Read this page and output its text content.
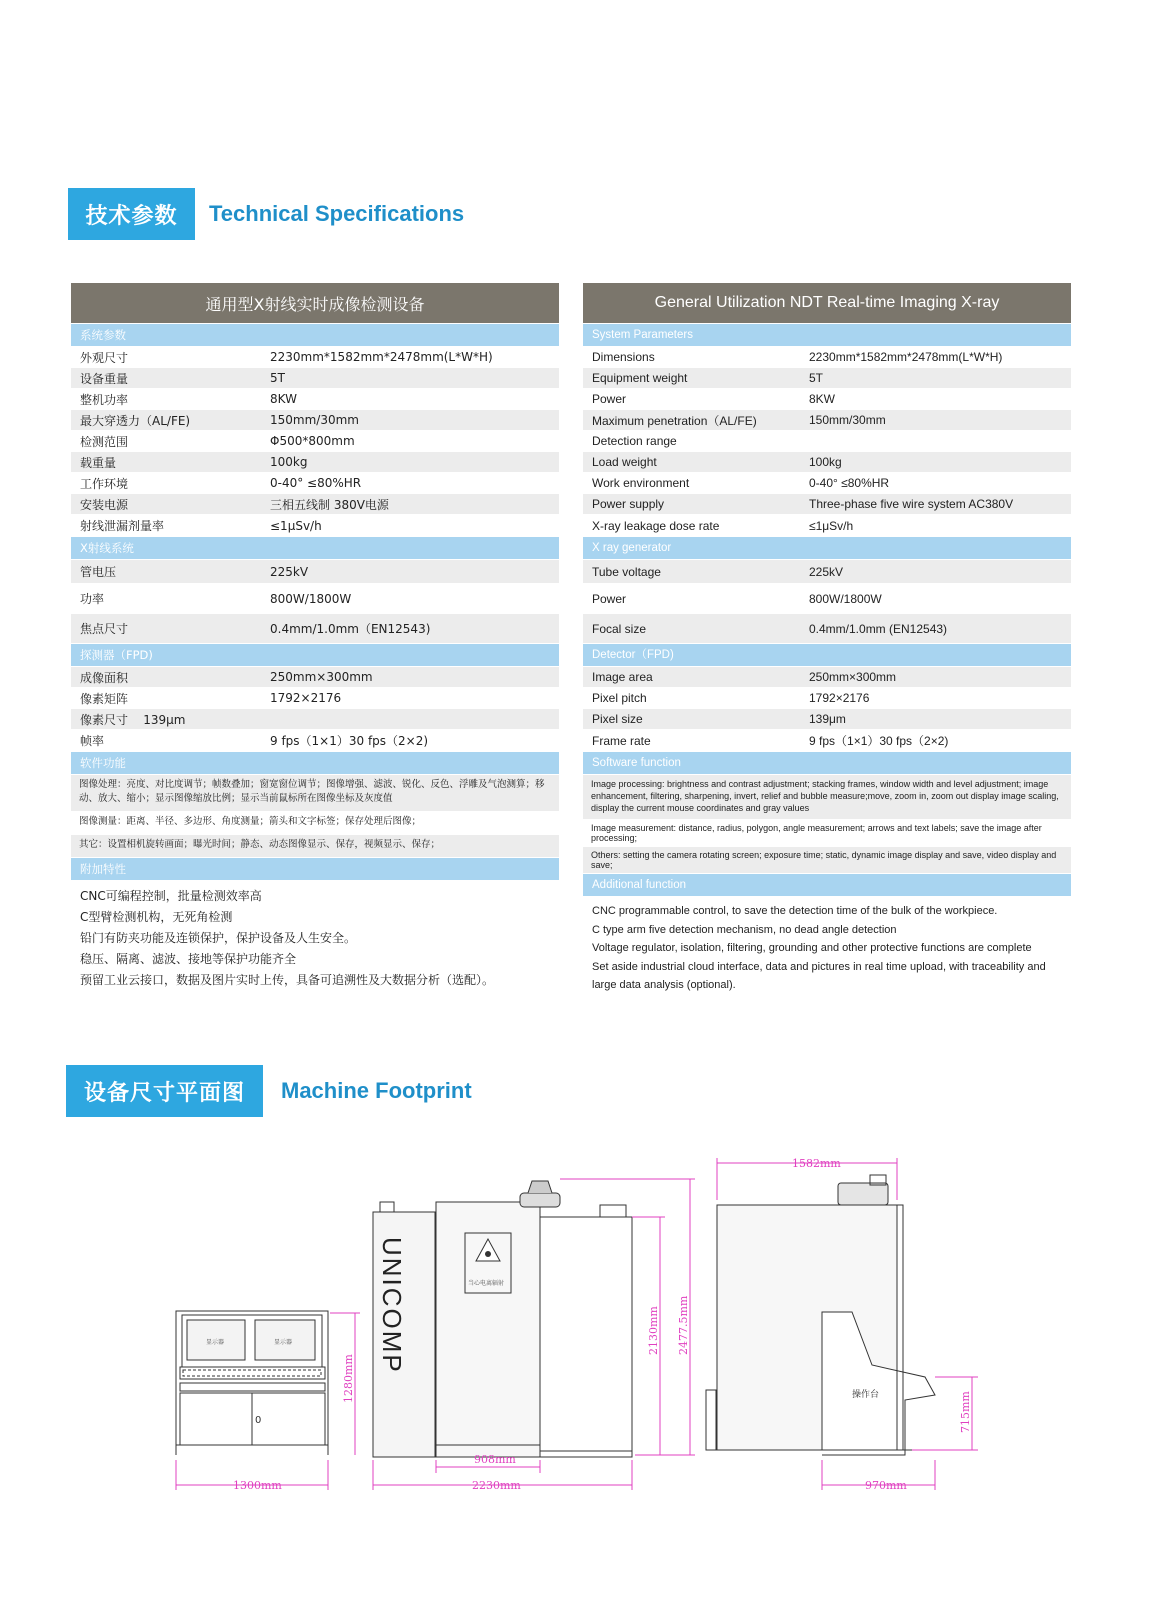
技术参数	Technical Specifications
通用型X射线实时成像检测设备
系统参数
外观尺寸	2230mm*1582mm*2478mm(L*W*H)
设备重量	5T
整机功率	8KW
最大穿透力（AL/FE)	150mm/30mm
检测范围	Φ500*800mm
载重量	100kg
工作环境	0-40° ≤80%HR
安装电源	三相五线制 380V电源
射线泄漏剂量率	≤1μSv/h
X射线系统
管电压	225kV
功率	800W/1800W
焦点尺寸	0.4mm/1.0mm（EN12543)
探测器（FPD)
成像面积	250mm×300mm
像素矩阵	1792×2176
像素尺寸    139μm
帧率	9 fps（1×1）30 fps（2×2)
软件功能
图像处理：亮度、对比度调节；帧数叠加；窗宽窗位调节；图像增强、滤波、锐化、反色、浮雕及气泡测算；移动、放大、缩小；显示图像缩放比例；显示当前鼠标所在图像坐标及灰度值
图像测量：距离、半径、多边形、角度测量；箭头和文字标签；保存处理后图像；
其它：设置相机旋转画面；曝光时间；静态、动态图像显示、保存，视频显示、保存；
附加特性
CNC可编程控制，批量检测效率高
C型臂检测机构，无死角检测
铅门有防夹功能及连锁保护，保护设备及人生安全。
稳压、隔离、滤波、接地等保护功能齐全
预留工业云接口，数据及图片实时上传，具备可追溯性及大数据分析（选配）。
General Utilization NDT Real-time Imaging X-ray
System Parameters
Dimensions	2230mm*1582mm*2478mm(L*W*H)
Equipment weight	5T
Power	8KW
Maximum penetration（AL/FE)	150mm/30mm
Detection range
Load weight	100kg
Work environment	0-40° ≤80%HR
Power supply	Three-phase five wire system AC380V
X-ray leakage dose rate	≤1μSv/h
X ray generator
Tube voltage	225kV
Power	800W/1800W
Focal size	0.4mm/1.0mm (EN12543)
Detector（FPD)
Image area	250mm×300mm
Pixel pitch	1792×2176
Pixel size	139μm
Frame rate	9 fps（1×1）30 fps（2×2)
Software function
Image processing: brightness and contrast adjustment; stacking frames, window width and level adjustment; image enhancement, filtering, sharpening, invert, relief and bubble measure;move, zoom in, zoom out display image scaling, display the current mouse coordinates and gray values
Image measurement: distance, radius, polygon, angle measurement; arrows and text labels; save the image after processing;
Others: setting the camera rotating screen; exposure time; static, dynamic image display and save, video display and save;
Additional function
CNC programmable control, to save the detection time of the bulk of the workpiece.
C type arm five detection mechanism, no dead angle detection
Voltage regulator, isolation, filtering, grounding and other protective functions are complete
Set aside industrial cloud interface, data and pictures in real time upload, with traceability and large data analysis (optional).
设备尺寸平面图	Machine Footprint
显示器	显示器
0
UNICOMP	当心电离辐射
操作台
1300mm
1280mm
908mm
2230mm
2130mm 2477.5mm
1582mm
970mm
715mm
